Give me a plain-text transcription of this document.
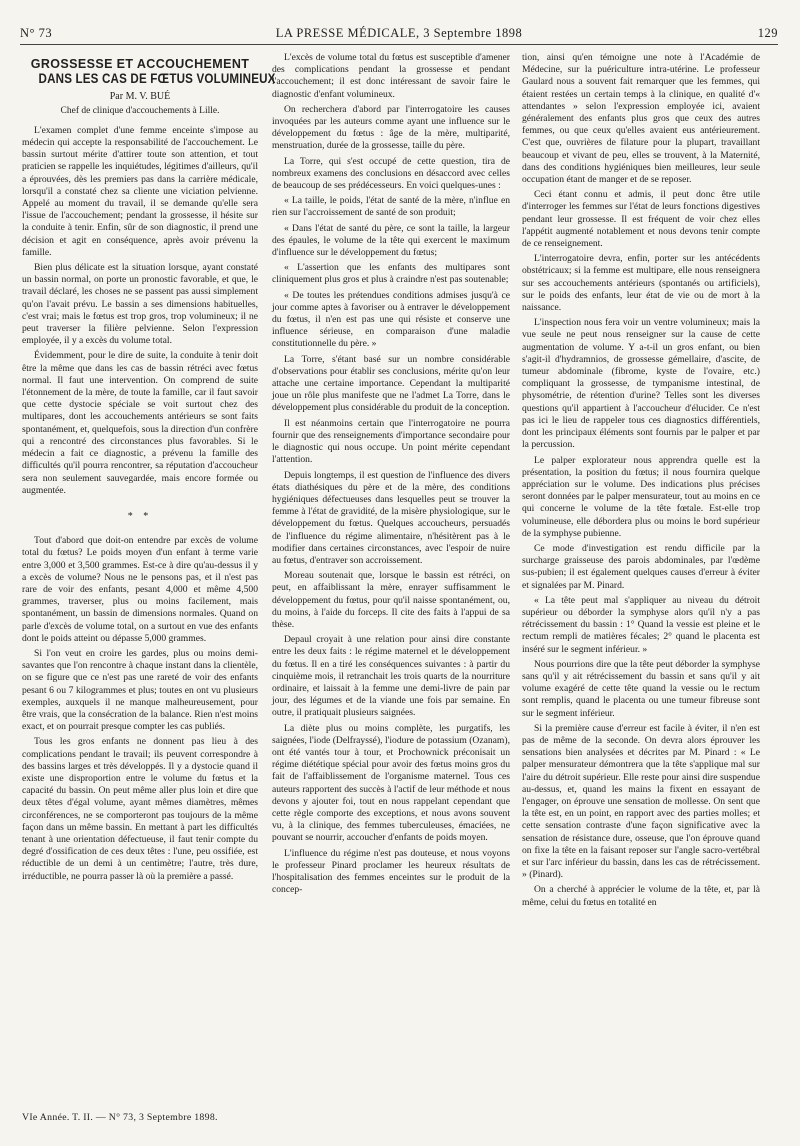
N° 73	LA PRESSE MÉDICALE, 3 Septembre 1898	129
GROSSESSE ET ACCOUCHEMENT
DANS LES CAS DE FŒTUS VOLUMINEUX
Par M. V. BUÉ
Chef de clinique d'accouchements à Lille.

L'examen complet d'une femme enceinte s'impose au médecin qui accepte la responsabilité de l'accouchement. Le bassin surtout mérite d'attirer toute son attention, et tout praticien se rappelle les inquiétudes, légitimes d'ailleurs, qu'il a éprouvées, dès les premiers pas dans la carrière médicale, lorsqu'il a constaté chez sa cliente une viciation pelvienne. Appelé au moment du travail, il se demande qu'elle sera l'issue de l'accouchement; pendant la grossesse, il hésite sur la conduite à tenir. Enfin, sûr de son diagnostic, il prend une décision et agit en conséquence, après avoir prévenu la famille.

Bien plus délicate est la situation lorsque, ayant constaté un bassin normal, on porte un pronostic favorable, et que, le travail déclaré, les choses ne se passent pas aussi simplement qu'on l'avait prévu. Le bassin a ses dimensions habituelles, c'est vrai; mais le fœtus est trop gros, trop volumineux; il ne peut traverser la filière pelvienne. Selon l'expression employée, il y a excès du volume total.

Évidemment, pour le dire de suite, la conduite à tenir doit être la même que dans les cas de bassin rétréci avec fœtus normal. Il faut une intervention. On comprend de suite l'étonnement de la mère, de toute la famille, car il faut savoir que cette dystocie spéciale se voit surtout chez des multipares, dont les accouchements antérieurs se sont faits spontanément, et, quelquefois, sous la direction d'un confrère qui a rencontré des circonstances plus favorables. Si le médecin a fait ce diagnostic, a prévenu la famille des difficultés qu'il pourra rencontrer, sa réputation d'accoucheur sera non seulement sauvegardée, mais encore formée ou augmentée.

* *

Tout d'abord que doit-on entendre par excès de volume total du fœtus? Le poids moyen d'un enfant à terme varie entre 3,000 et 3,500 grammes. Est-ce à dire qu'au-dessus il y a excès de volume? Nous ne le pensons pas, et il n'est pas rare de voir des enfants, pesant 4,000 et même 4,500 grammes, traverser, plus ou moins facilement, mais spontanément, un bassin de dimensions normales. Quand on parle d'excès de volume total, on a surtout en vue des enfants dont le poids atteint ou dépasse 5,000 grammes.

Si l'on veut en croire les gardes, plus ou moins demi-savantes que l'on rencontre à chaque instant dans la clientèle, on se figure que ce n'est pas une rareté de voir des enfants pesant 6 ou 7 kilogrammes et plus; toutes en ont vu plusieurs exemples, auxquels il ne manque malheureusement, pour être vrais, que la consécration de la balance. Rien n'est moins exact, et on pourrait presque compter les cas publiés.

Tous les gros enfants ne donnent pas lieu à des complications pendant le travail; ils peuvent correspondre à des bassins larges et très développés. Il y a dystocie quand il existe une disproportion entre le volume du fœtus et la capacité du bassin. On peut même aller plus loin et dire que deux têtes d'égal volume, ayant mêmes diamètres, mêmes circonférences, ne se comporteront pas toujours de la même façon dans un même bassin. En mettant à part les difficultés tenant à une orientation défectueuse, il faut tenir compte du degré d'ossification de ces deux têtes : l'une, peu ossifiée, est réductible de un demi à un centimètre; l'autre, très dure, irréductible, ne pourra passer là où la première a passé.

L'excès de volume total du fœtus est susceptible d'amener des complications pendant la grossesse et pendant l'accouchement; il est donc intéressant de savoir faire le diagnostic d'enfant volumineux.

On recherchera d'abord par l'interrogatoire les causes invoquées par les auteurs comme ayant une influence sur le développement du fœtus : âge de la mère, multiparité, menstruation, durée de la grossesse, taille du père.

La Torre, qui s'est occupé de cette question, tira de nombreux examens des conclusions en désaccord avec celles de beaucoup de ses prédécesseurs. En voici quelques-unes :

« La taille, le poids, l'état de santé de la mère, n'influe en rien sur l'accroissement de santé de son produit;

« Dans l'état de santé du père, ce sont la taille, la largeur des épaules, le volume de la tête qui exercent le maximum d'influence sur le développement du fœtus;

« L'assertion que les enfants des multipares sont cliniquement plus gros et plus à craindre n'est pas soutenable;

« De toutes les prétendues conditions admises jusqu'à ce jour comme aptes à favoriser ou à entraver le développement du fœtus, il n'en est pas une qui résiste et conserve une influence sérieuse, en comparaison d'une maladie constitutionnelle du père. »

La Torre, s'étant basé sur un nombre considérable d'observations pour établir ses conclusions, mérite qu'on leur attache une certaine importance. Cependant la multiparité joue un rôle plus manifeste que ne l'admet La Torre, dans le développement plus considérable du produit de la conception.

Il est néanmoins certain que l'interrogatoire ne pourra fournir que des renseignements d'importance secondaire pour le diagnostic qui nous occupe. Un point mérite cependant l'attention.

Depuis longtemps, il est question de l'influence des divers états diathésiques du père et de la mère, des conditions hygiéniques défectueuses dans lesquelles peut se trouver la femme à l'état de gravidité, de la misère physiologique, sur le développement du fœtus. Quelques accoucheurs, persuadés de l'influence du régime alimentaire, n'hésitèrent pas à le modifier dans certaines circonstances, avec l'espoir de nuire au fœtus, d'entraver son accroissement.

Moreau soutenait que, lorsque le bassin est rétréci, on peut, en affaiblissant la mère, enrayer suffisamment le développement du fœtus, pour qu'il naisse spontanément, ou, du moins, à l'aide du forceps. Il cite des faits à l'appui de sa thèse.

Depaul croyait à une relation pour ainsi dire constante entre les deux faits : le régime maternel et le développement du fœtus. Il en a tiré les conséquences suivantes : à partir du cinquième mois, il retranchait les trois quarts de la nourriture ordinaire, et laissait à la femme une demi-livre de pain par jour, des légumes et de la viande une fois par semaine. En outre, il pratiquait plusieurs saignées.

La diète plus ou moins complète, les purgatifs, les saignées, l'iode (Delfrayssé), l'iodure de potassium (Ozanam), ont été vantés tour à tour, et Prochownick préconisait un régime diététique spécial pour avoir des fœtus moins gros du fait de l'affaiblissement de l'organisme maternel. Tous ces auteurs rapportent des succès à l'actif de leur méthode et nous devons y ajouter foi, tout en nous rappelant cependant que cette règle comporte des exceptions, et nous avons souvent vu, à la clinique, des femmes tuberculeuses, émaciées, ne pouvant se nourrir, accoucher d'enfants de poids moyen.

L'influence du régime n'est pas douteuse, et nous voyons le professeur Pinard proclamer les heureux résultats de l'hospitalisation des femmes enceintes sur le produit de la concep-

tion, ainsi qu'en témoigne une note à l'Académie de Médecine, sur la puériculture intra-utérine. Le professeur Gaulard nous a souvent fait remarquer que les femmes, qui étaient restées un certain temps à la clinique, en qualité d'« attendantes » selon l'expression employée ici, avaient généralement des enfants plus gros que ceux des autres femmes, ou que ceux qu'elles avaient eus antérieurement. C'est que, ouvrières de filature pour la plupart, travaillant beaucoup et vivant de peu, elles se trouvent, à la Maternité, dans des conditions hygiéniques bien meilleures, leur seule occupation étant de manger et de se reposer.

Ceci étant connu et admis, il peut donc être utile d'interroger les femmes sur l'état de leurs fonctions digestives pendant leur grossesse. Il est fréquent de voir chez elles l'appétit augmenté notablement et nous devons tenir compte de ce renseignement.

L'interrogatoire devra, enfin, porter sur les antécédents obstétricaux; si la femme est multipare, elle nous renseignera sur ses accouchements antérieurs (spontanés ou artificiels), sur le poids des enfants, leur état de vie ou de mort à la naissance.

L'inspection nous fera voir un ventre volumineux; mais la vue seule ne peut nous renseigner sur la cause de cette augmentation de volume. Y a-t-il un gros enfant, ou bien s'agit-il d'hydramnios, de grossesse gémellaire, d'ascite, de tumeur abdominale (fibrome, kyste de l'ovaire, etc.) compliquant la grossesse, de tympanisme intestinal, de physométrie, de rétention d'urine? Telles sont les diverses questions qu'il appartient à l'accoucheur d'élucider. Ce n'est pas ici le lieu de rappeler tous ces diagnostics différentiels, dont les principaux éléments sont fournis par le palper et par la percussion.

Le palper explorateur nous apprendra quelle est la présentation, la position du fœtus; il nous fournira quelque appréciation sur le volume. Des indications plus précises seront données par le palper mensurateur, tout au moins en ce qui concerne le volume de la tête fœtale. Est-elle trop volumineuse, elle débordera plus ou moins le bord supérieur de la symphyse pubienne.

Ce mode d'investigation est rendu difficile par la surcharge graisseuse des parois abdominales, par l'œdème sus-pubien; il est également quelques causes d'erreur à éviter et signalées par M. Pinard.

« La tête peut mal s'appliquer au niveau du détroit supérieur ou déborder la symphyse alors qu'il n'y a pas rétrécissement du bassin : 1° Quand la vessie est pleine et le rectum rempli de matières fécales; 2° quand le placenta est inséré sur le segment inférieur. »

Nous pourrions dire que la tête peut déborder la symphyse sans qu'il y ait rétrécissement du bassin et sans qu'il y ait volume exagéré de cette tête quand la vessie ou le rectum sont remplis, quand le placenta ou une tumeur fibreuse sont sur le segment inférieur.

Si la première cause d'erreur est facile à éviter, il n'en est pas de même de la seconde. On devra alors éprouver les sensations bien analysées et décrites par M. Pinard : « Le palper mensurateur démontrera que la tête s'applique mal sur l'aire du détroit supérieur. Elle reste pour ainsi dire suspendue au-dessus, et, quand les mains la fixent en essayant de l'engager, on éprouve une sensation de mollesse. On sent que la tête est, en un point, en rapport avec des parties molles; et cette sensation contraste d'une façon significative avec la sensation de résistance dure, osseuse, que l'on éprouve quand on fixe la tête en la faisant reposer sur l'angle sacro-vertébral et sur l'arc inférieur du bassin, dans les cas de rétrécissement. » (Pinard).

On a cherché à apprécier le volume de la tête, et, par là même, celui du fœtus en totalité en

VIe Année. T. II. — N° 73, 3 Septembre 1898.
